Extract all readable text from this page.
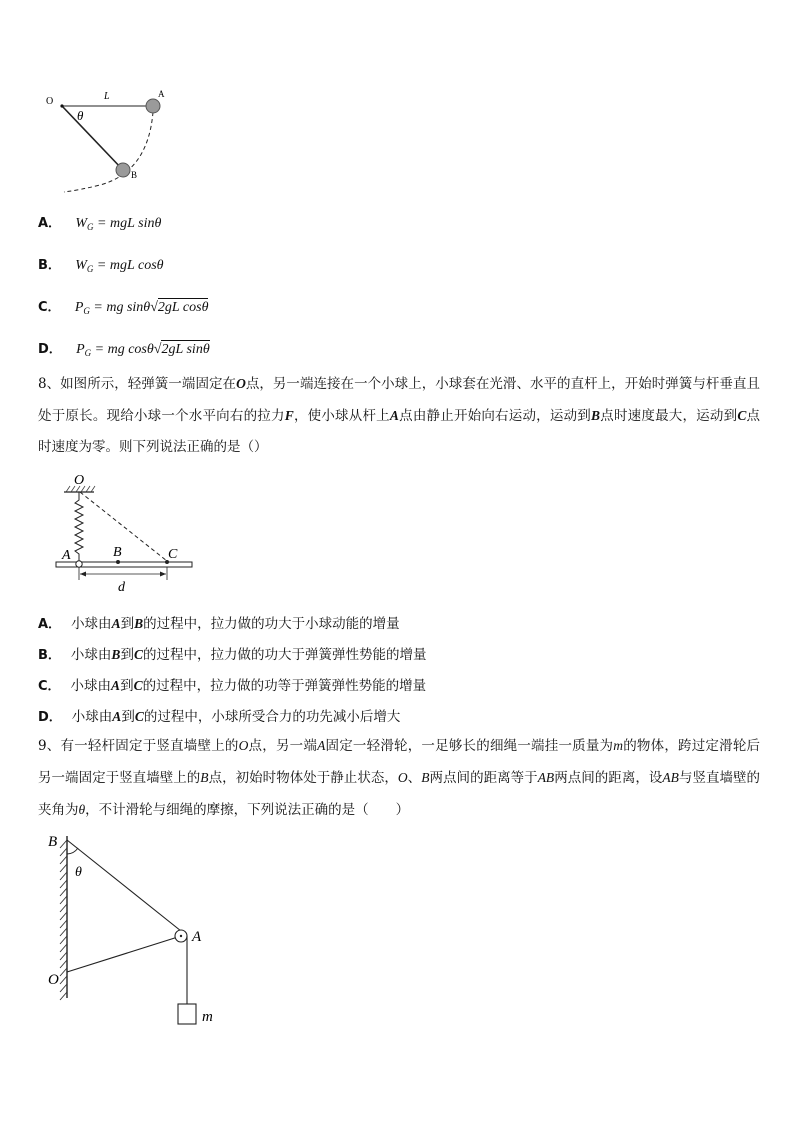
O	L	A
B
θ
A． $W_G$ = mgL sinθ
B． $W_G$ = mgL cosθ
C． $P_G$ = mg sinθ√2gL cosθ
D． $P_G$ = mg cosθ√2gL sinθ
8、如图所示，轻弹簧一端固定在O点，另一端连接在一个小球上，小球套在光滑、水平的直杆上，开始时弹簧与杆垂直且处于原长。现给小球一个水平向右的拉力F，使小球从杆上A点由静止开始向右运动，运动到B点时速度最大，运动到C点时速度为零。则下列说法正确的是（）
O
A	B	C
d
A． 小球由A到B的过程中，拉力做的功大于小球动能的增量
B． 小球由B到C的过程中，拉力做的功大于弹簧弹性势能的增量
C． 小球由A到C的过程中，拉力做的功等于弹簧弹性势能的增量
D． 小球由A到C的过程中，小球所受合力的功先减小后增大
9、有一轻杆固定于竖直墙壁上的O点，另一端A固定一轻滑轮，一足够长的细绳一端挂一质量为m的物体，跨过定滑轮后另一端固定于竖直墙壁上的B点，初始时物体处于静止状态，O、B两点间的距离等于AB两点间的距离，设AB与竖直墙壁的夹角为θ，不计滑轮与细绳的摩擦，下列说法正确的是（　　）
B
θ
A
O
m
